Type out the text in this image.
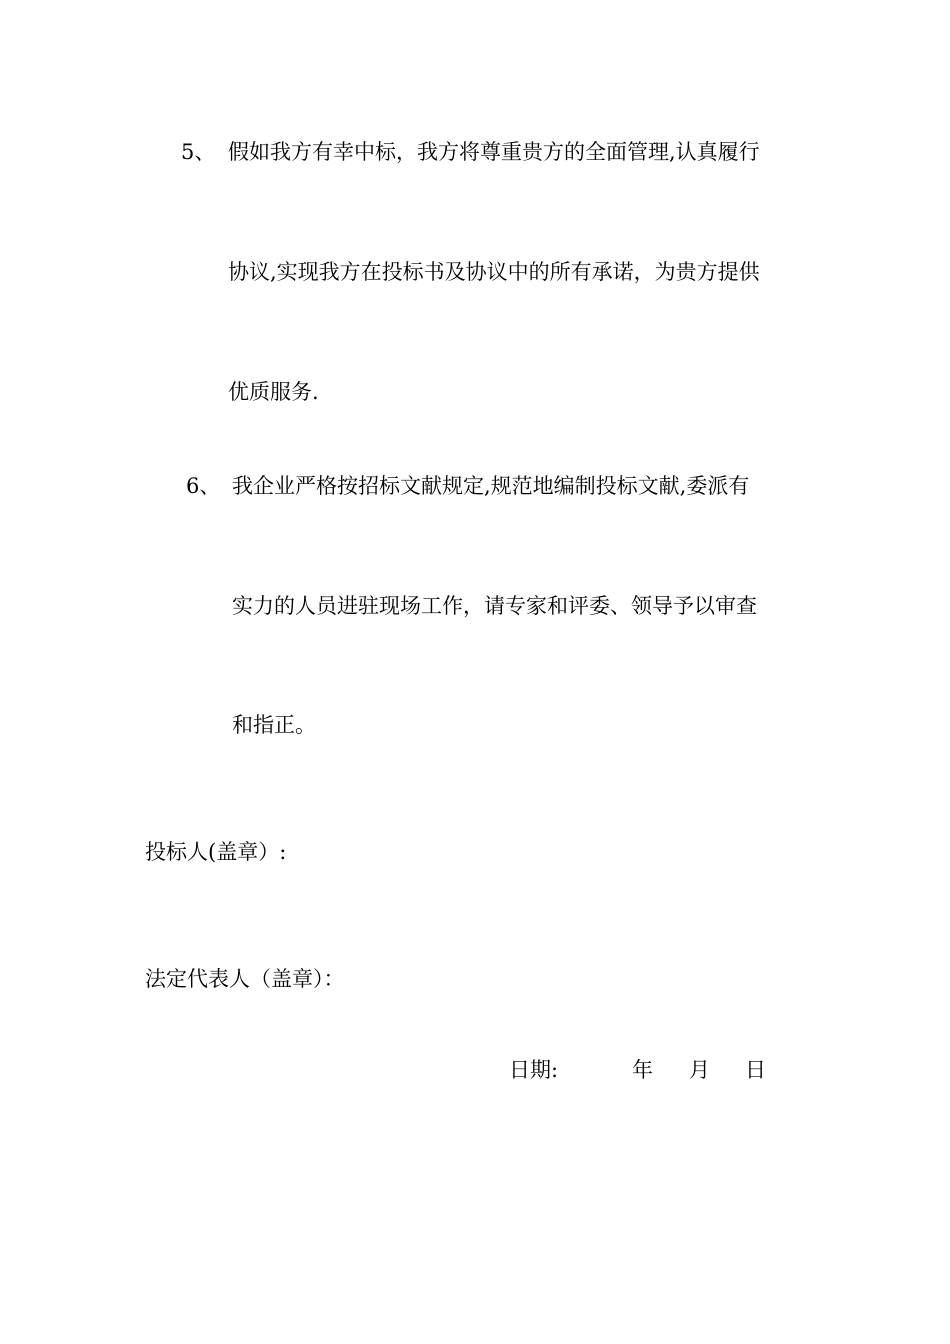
5、 假如我方有幸中标，我方将尊重贵方的全面管理,认真履行
协议,实现我方在投标书及协议中的所有承诺，为贵方提供
优质服务.
6、 我企业严格按招标文献规定,规范地编制投标文献,委派有
实力的人员进驻现场工作，请专家和评委、领导予以审查
和指正。
投标人(盖章）:
法定代表人（盖章）：
日期:	年 月 日
